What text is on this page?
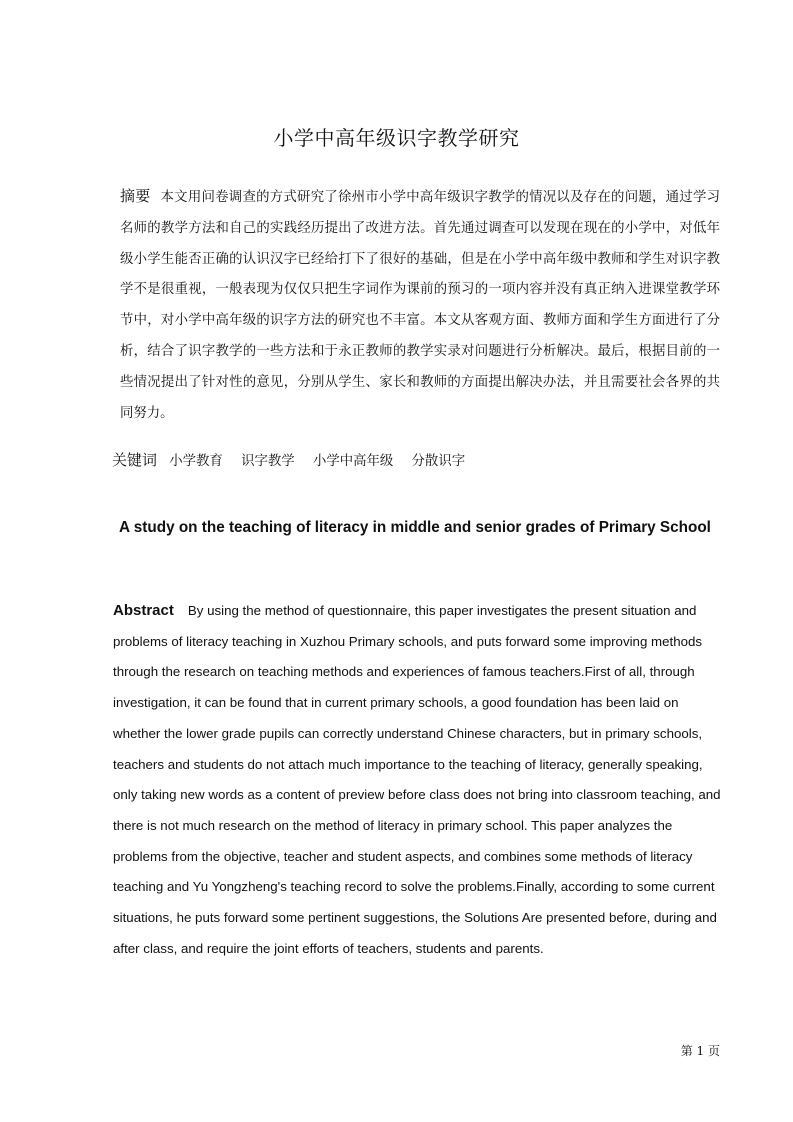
小学中高年级识字教学研究
摘要 本文用问卷调查的方式研究了徐州市小学中高年级识字教学的情况以及存在的问题，通过学习名师的教学方法和自己的实践经历提出了改进方法。首先通过调查可以发现在现在的小学中，对低年级小学生能否正确的认识汉字已经给打下了很好的基础，但是在小学中高年级中教师和学生对识字教学不是很重视，一般表现为仅仅只把生字词作为课前的预习的一项内容并没有真正纳入进课堂教学环节中，对小学中高年级的识字方法的研究也不丰富。本文从客观方面、教师方面和学生方面进行了分析，结合了识字教学的一些方法和于永正教师的教学实录对问题进行分析解决。最后，根据目前的一些情况提出了针对性的意见，分别从学生、家长和教师的方面提出解决办法，并且需要社会各界的共同努力。
关键词 小学教育 识字教学 小学中高年级 分散识字
A study on the teaching of literacy in middle and senior grades of Primary School
Abstract By using the method of questionnaire, this paper investigates the present situation and problems of literacy teaching in Xuzhou Primary schools, and puts forward some improving methods through the research on teaching methods and experiences of famous teachers.First of all, through investigation, it can be found that in current primary schools, a good foundation has been laid on whether the lower grade pupils can correctly understand Chinese characters, but in primary schools, teachers and students do not attach much importance to the teaching of literacy, generally speaking, only taking new words as a content of preview before class does not bring into classroom teaching, and there is not much research on the method of literacy in primary school. This paper analyzes the problems from the objective, teacher and student aspects, and combines some methods of literacy teaching and Yu Yongzheng's teaching record to solve the problems.Finally, according to some current situations, he puts forward some pertinent suggestions, the Solutions Are presented before, during and after class, and require the joint efforts of teachers, students and parents.
第 1 页
